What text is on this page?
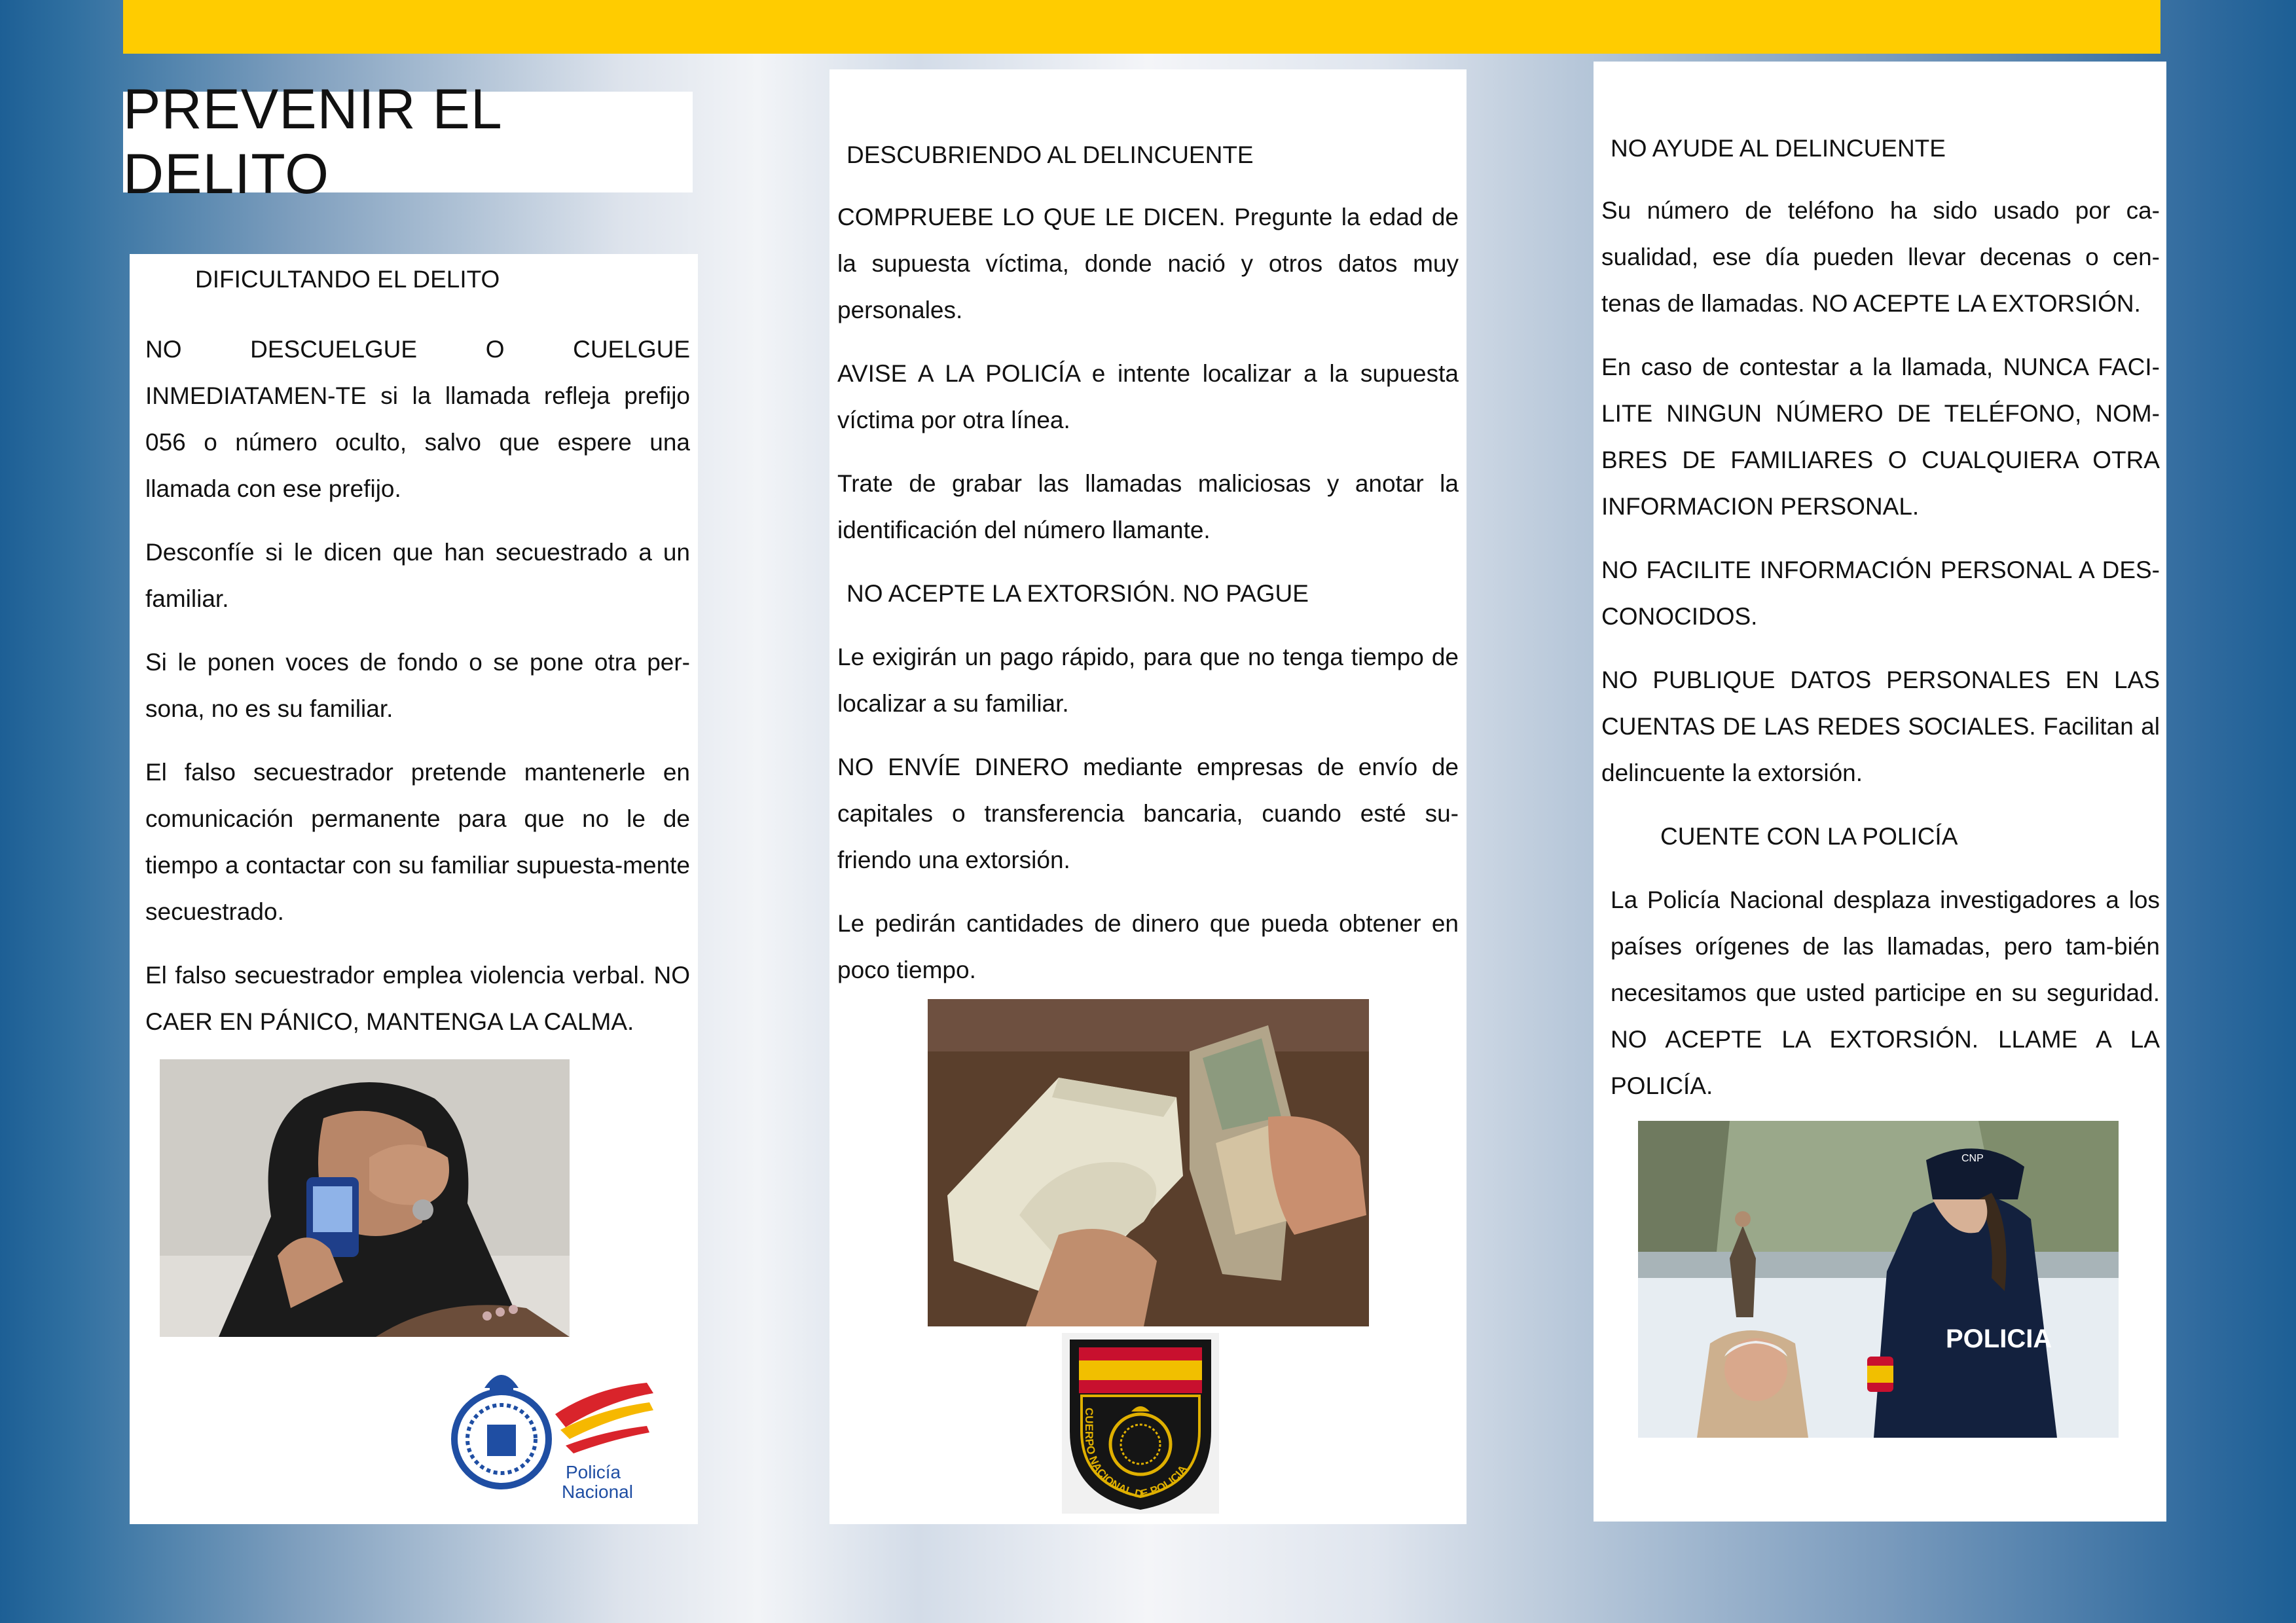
PREVENIR EL DELITO
DIFICULTANDO EL DELITO

NO DESCUELGUE O CUELGUE INMEDIATAMEN-TE si la llamada refleja prefijo 056 o número oculto, salvo que espere una llamada con ese prefijo.

Desconfíe si le dicen que han secuestrado a un familiar.

Si le ponen voces de fondo o se pone otra per-sona, no es su familiar.

El falso secuestrador pretende mantenerle en comunicación permanente para que no le de tiempo a contactar con su familiar supuesta-mente secuestrado.

El falso secuestrador emplea violencia verbal. NO CAER EN PÁNICO, MANTENGA LA CALMA.

Policía
Nacional
DESCUBRIENDO AL DELINCUENTE

COMPRUEBE LO QUE LE DICEN. Pregunte la edad de la supuesta víctima, donde nació y otros datos muy personales.

AVISE A LA POLICÍA e intente localizar a la supuesta víctima por otra línea.

Trate de grabar las llamadas maliciosas y anotar la identificación del número llamante.

NO ACEPTE LA EXTORSIÓN. NO PAGUE

Le exigirán un pago rápido, para que no tenga tiempo de localizar a su familiar.

NO ENVÍE DINERO mediante empresas de envío de capitales o transferencia bancaria, cuando esté su-friendo una extorsión.

Le pedirán cantidades de dinero que pueda obtener en poco tiempo.

CUERPO NACIONAL DE POLICIA
NO AYUDE AL DELINCUENTE

Su número de teléfono ha sido usado por ca-sualidad, ese día pueden llevar decenas o cen-tenas de llamadas. NO ACEPTE LA EXTORSIÓN.

En caso de contestar a la llamada, NUNCA FACI-LITE NINGUN NÚMERO DE TELÉFONO, NOM-BRES DE FAMILIARES O CUALQUIERA OTRA INFORMACION PERSONAL.

NO FACILITE INFORMACIÓN PERSONAL A DES-CONOCIDOS.

NO PUBLIQUE DATOS PERSONALES EN LAS CUENTAS DE LAS REDES SOCIALES. Facilitan al delincuente la extorsión.

CUENTE CON LA POLICÍA

La Policía Nacional desplaza investigadores a los países orígenes de las llamadas, pero tam-bién necesitamos que usted participe en su seguridad. NO ACEPTE LA EXTORSIÓN. LLAME A LA POLICÍA.

CNP
POLICIA
